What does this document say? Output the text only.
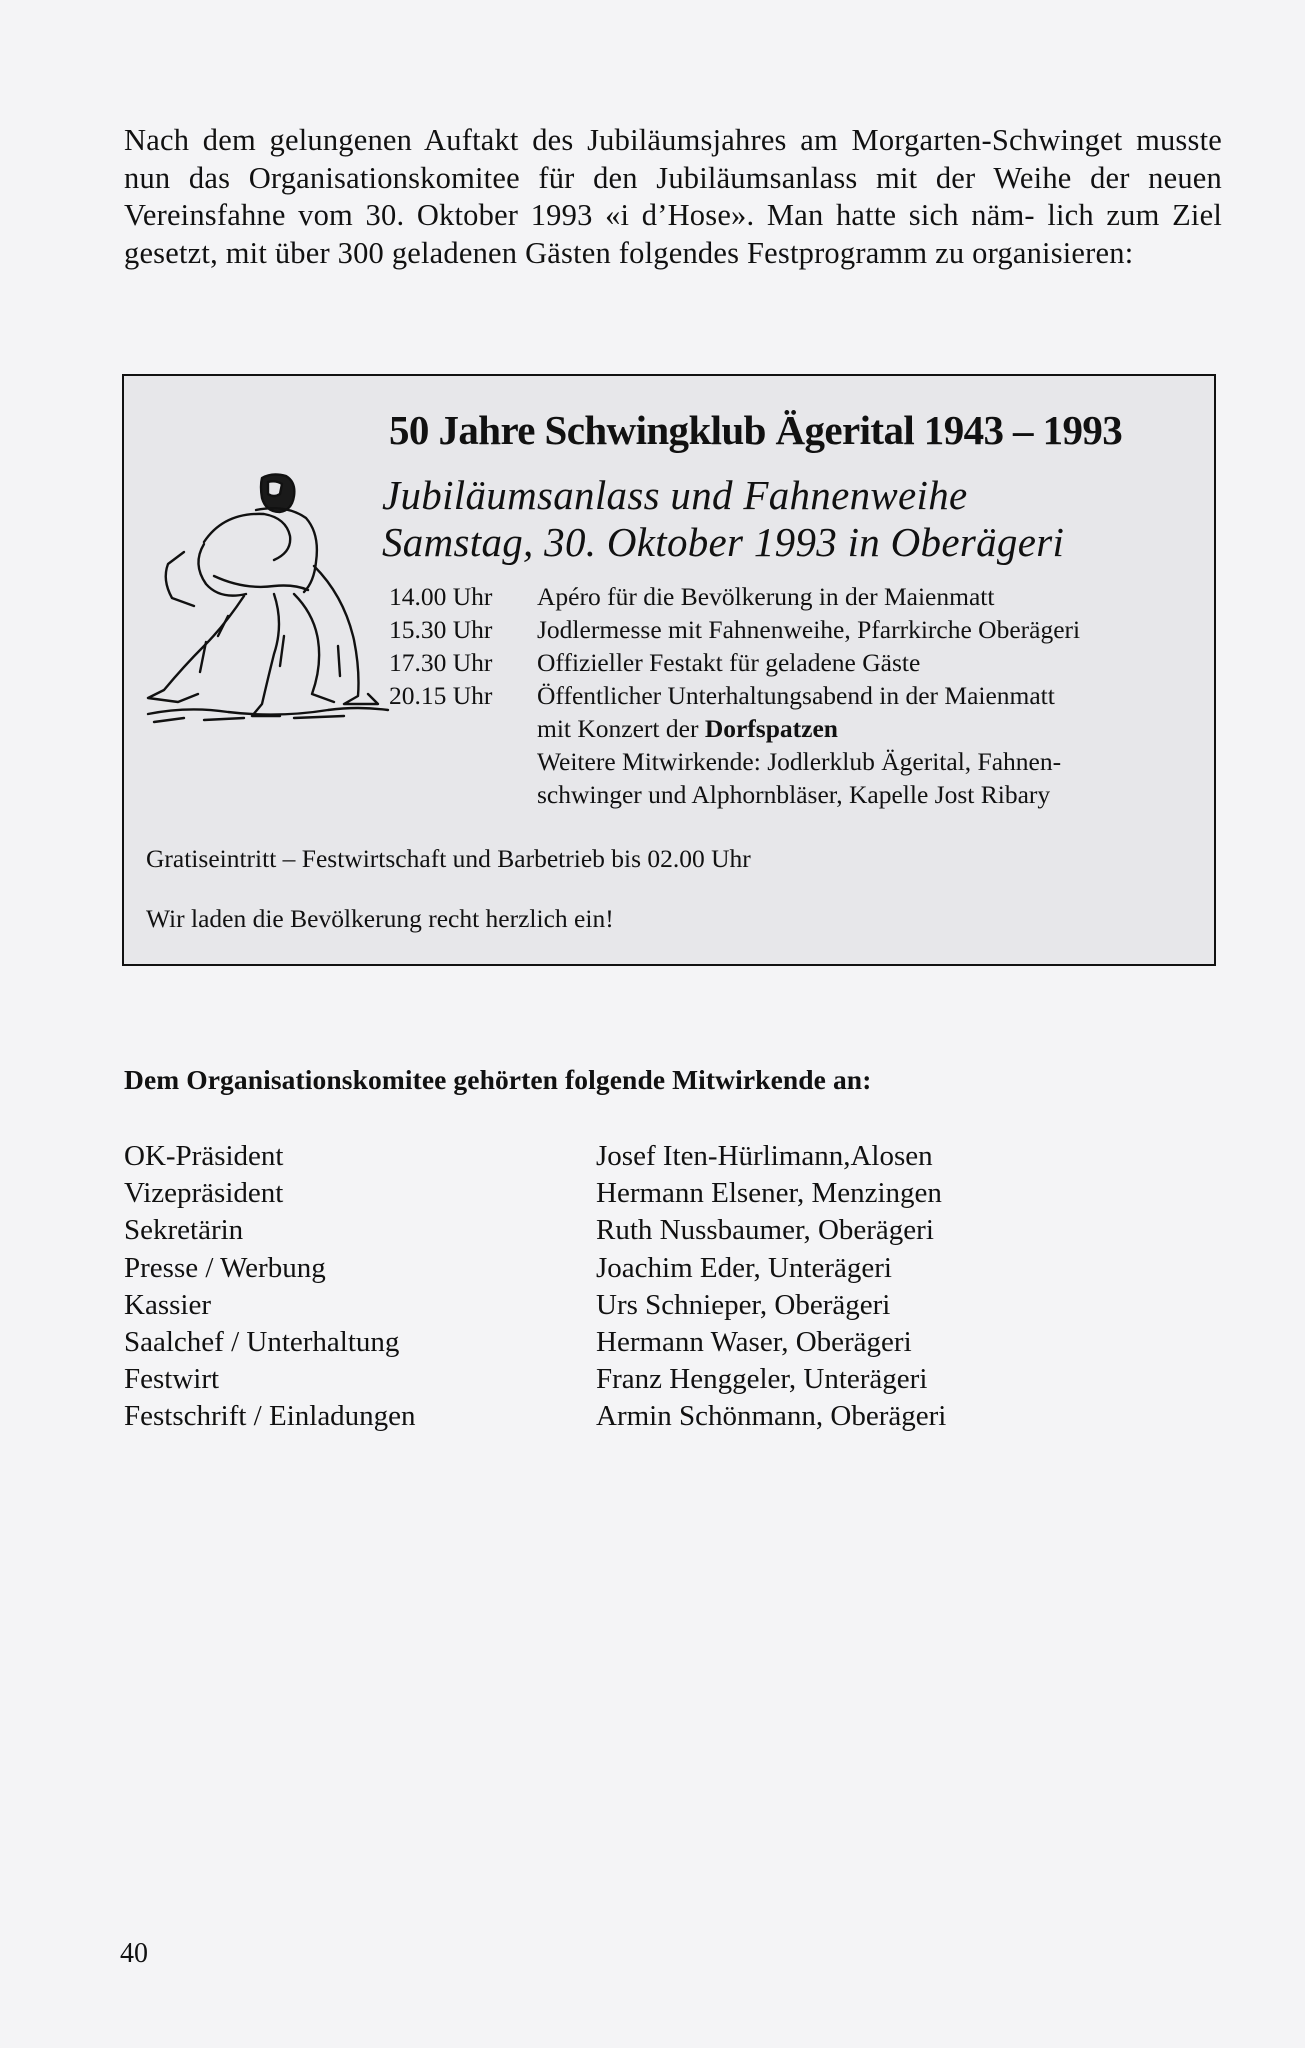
Nach dem gelungenen Auftakt des Jubiläumsjahres am Morgarten-Schwinget musste nun das Organisationskomitee für den Jubiläumsanlass mit der Weihe der neuen Vereinsfahne vom 30. Oktober 1993 «i d’Hose». Man hatte sich näm- lich zum Ziel gesetzt, mit über 300 geladenen Gästen folgendes Festprogramm zu organisieren:
50 Jahre Schwingklub Ägerital 1943 – 1993
Jubiläumsanlass und Fahnenweihe
Samstag, 30. Oktober 1993 in Oberägeri
14.00 Uhr	Apéro für die Bevölkerung in der Maienmatt
15.30 Uhr	Jodlermesse mit Fahnenweihe, Pfarrkirche Oberägeri
17.30 Uhr	Offizieller Festakt für geladene Gäste
20.15 Uhr	Öffentlicher Unterhaltungsabend in der Maienmatt
mit Konzert der Dorfspatzen
Weitere Mitwirkende: Jodlerklub Ägerital, Fahnen-
schwinger und Alphornbläser, Kapelle Jost Ribary
Gratiseintritt – Festwirtschaft und Barbetrieb bis 02.00 Uhr
Wir laden die Bevölkerung recht herzlich ein!
Dem Organisationskomitee gehörten folgende Mitwirkende an:
OK-Präsident	Josef Iten-Hürlimann,Alosen
Vizepräsident	Hermann Elsener, Menzingen
Sekretärin	Ruth Nussbaumer, Oberägeri
Presse / Werbung	Joachim Eder, Unterägeri
Kassier	Urs Schnieper, Oberägeri
Saalchef / Unterhaltung	Hermann Waser, Oberägeri
Festwirt	Franz Henggeler, Unterägeri
Festschrift / Einladungen	Armin Schönmann, Oberägeri
40
